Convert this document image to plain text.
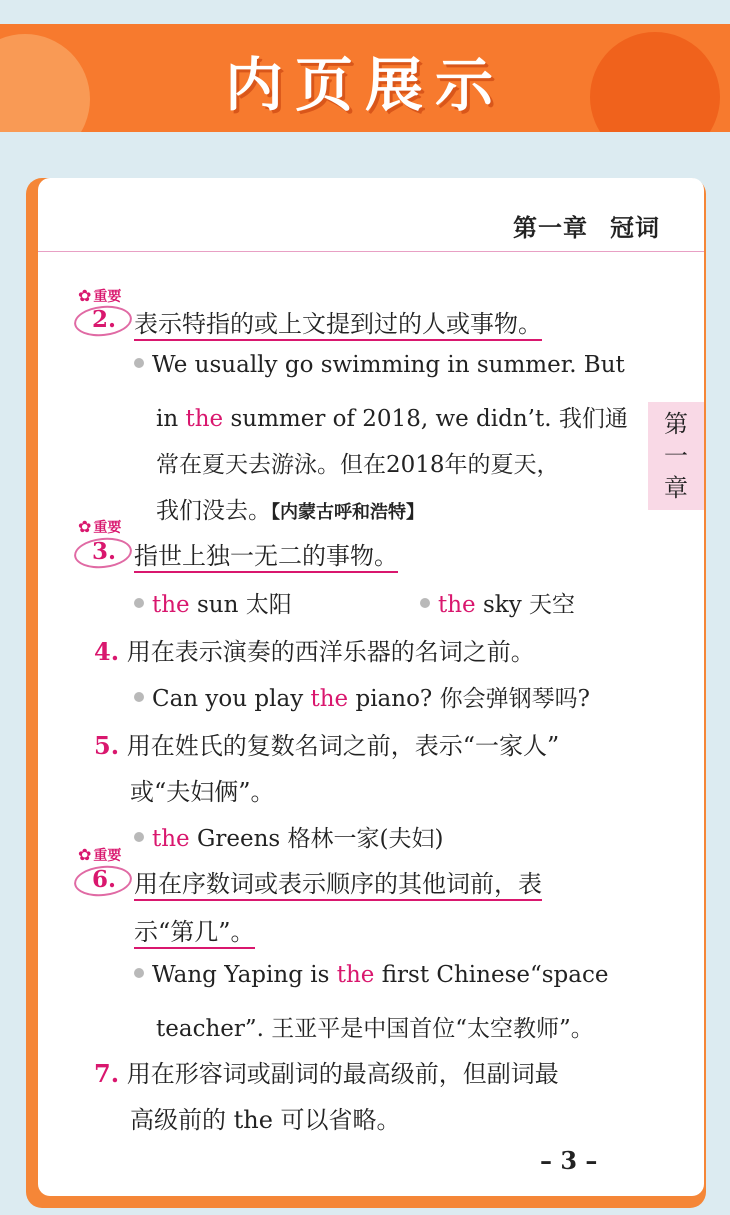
内页展示
第一章 冠词
第
一
章
✿ 重要
2. 表示特指的或上文提到过的人或事物。
We usually go swimming in summer. But
in the summer of 2018, we didn’t. 我们通
常在夏天去游泳。但在2018年的夏天，
我们没去。【内蒙古呼和浩特】
✿ 重要
3. 指世上独一无二的事物。
the sun 太阳	the sky 天空
4. 用在表示演奏的西洋乐器的名词之前。
Can you play the piano? 你会弹钢琴吗?
5. 用在姓氏的复数名词之前，表示“一家人”
或“夫妇俩”。
the Greens 格林一家(夫妇)
✿ 重要
6. 用在序数词或表示顺序的其他词前，表
示“第几”。
Wang Yaping is the first Chinese“space
teacher”. 王亚平是中国首位“太空教师”。
7. 用在形容词或副词的最高级前，但副词最
高级前的 the 可以省略。
– 3 –
